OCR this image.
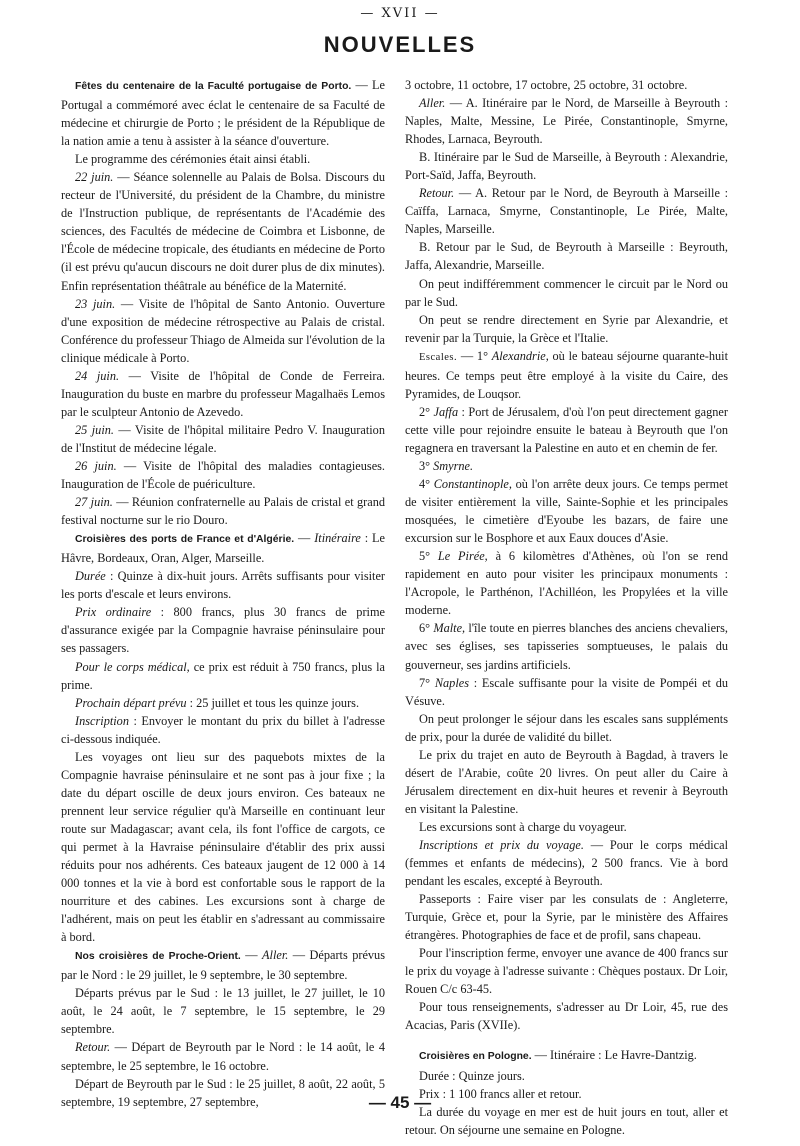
— XVII —
NOUVELLES

Fêtes du centenaire de la Faculté portugaise de Porto. — Le Portugal a commémoré avec éclat le centenaire de sa Faculté de médecine et chirurgie de Porto ; le président de la République de la nation amie a tenu à assister à la séance d'ouverture.

Le programme des cérémonies était ainsi établi.

22 juin. — Séance solennelle au Palais de Bolsa. Discours du recteur de l'Université, du président de la Chambre, du ministre de l'Instruction publique, de représentants de l'Académie des sciences, des Facultés de médecine de Coimbra et Lisbonne, de l'École de médecine tropicale, des étudiants en médecine de Porto (il est prévu qu'aucun discours ne doit durer plus de dix minutes). Enfin représentation théâtrale au bénéfice de la Maternité.

23 juin. — Visite de l'hôpital de Santo Antonio. Ouverture d'une exposition de médecine rétrospective au Palais de cristal. Conférence du professeur Thiago de Almeida sur l'évolution de la clinique médicale à Porto.

24 juin. — Visite de l'hôpital de Conde de Ferreira. Inauguration du buste en marbre du professeur Magalhaës Lemos par le sculpteur Antonio de Azevedo.

25 juin. — Visite de l'hôpital militaire Pedro V. Inauguration de l'Institut de médecine légale.

26 juin. — Visite de l'hôpital des maladies contagieuses. Inauguration de l'École de puériculture.

27 juin. — Réunion confraternelle au Palais de cristal et grand festival nocturne sur le rio Douro.

Croisières des ports de France et d'Algérie. — Itinéraire : Le Hâvre, Bordeaux, Oran, Alger, Marseille.

Durée : Quinze à dix-huit jours. Arrêts suffisants pour visiter les ports d'escale et leurs environs.

Prix ordinaire : 800 francs, plus 30 francs de prime d'assurance exigée par la Compagnie havraise péninsulaire pour ses passagers.

Pour le corps médical, ce prix est réduit à 750 francs, plus la prime.

Prochain départ prévu : 25 juillet et tous les quinze jours.

Inscription : Envoyer le montant du prix du billet à l'adresse ci-dessous indiquée.

Les voyages ont lieu sur des paquebots mixtes de la Compagnie havraise péninsulaire et ne sont pas à jour fixe ; la date du départ oscille de deux jours environ. Ces bateaux ne prennent leur service régulier qu'à Marseille en continuant leur route sur Madagascar; avant cela, ils font l'office de cargots, ce qui permet à la Havraise péninsulaire d'établir des prix aussi réduits pour nos adhérents. Ces bateaux jaugent de 12 000 à 14 000 tonnes et la vie à bord est confortable sous le rapport de la nourriture et des cabines. Les excursions sont à charge de l'adhérent, mais on peut les établir en s'adressant au commissaire à bord.

Nos croisières de Proche-Orient. — Aller. — Départs prévus par le Nord : le 29 juillet, le 9 septembre, le 30 septembre.

Départs prévus par le Sud : le 13 juillet, le 27 juillet, le 10 août, le 24 août, le 7 septembre, le 15 septembre, le 29 septembre.

Retour. — Départ de Beyrouth par le Nord : le 14 août, le 4 septembre, le 25 septembre, le 16 octobre.

Départ de Beyrouth par le Sud : le 25 juillet, 8 août, 22 août, 5 septembre, 19 septembre, 27 septembre,

3 octobre, 11 octobre, 17 octobre, 25 octobre, 31 octobre.

Aller. — A. Itinéraire par le Nord, de Marseille à Beyrouth : Naples, Malte, Messine, Le Pirée, Constantinople, Smyrne, Rhodes, Larnaca, Beyrouth.

B. Itinéraire par le Sud de Marseille, à Beyrouth : Alexandrie, Port-Saïd, Jaffa, Beyrouth.

Retour. — A. Retour par le Nord, de Beyrouth à Marseille : Caïffa, Larnaca, Smyrne, Constantinople, Le Pirée, Malte, Naples, Marseille.

B. Retour par le Sud, de Beyrouth à Marseille : Beyrouth, Jaffa, Alexandrie, Marseille.

On peut indifféremment commencer le circuit par le Nord ou par le Sud.

On peut se rendre directement en Syrie par Alexandrie, et revenir par la Turquie, la Grèce et l'Italie.

Escales. — 1° Alexandrie, où le bateau séjourne quarante-huit heures. Ce temps peut être employé à la visite du Caire, des Pyramides, de Louqsor.

2° Jaffa : Port de Jérusalem, d'où l'on peut directement gagner cette ville pour rejoindre ensuite le bateau à Beyrouth que l'on regagnera en traversant la Palestine en auto et en chemin de fer.

3° Smyrne.

4° Constantinople, où l'on arrête deux jours. Ce temps permet de visiter entièrement la ville, Sainte-Sophie et les principales mosquées, le cimetière d'Eyoube les bazars, de faire une excursion sur le Bosphore et aux Eaux douces d'Asie.

5° Le Pirée, à 6 kilomètres d'Athènes, où l'on se rend rapidement en auto pour visiter les principaux monuments : l'Acropole, le Parthénon, l'Achilléon, les Propylées et la ville moderne.

6° Malte, l'île toute en pierres blanches des anciens chevaliers, avec ses églises, ses tapisseries somptueuses, le palais du gouverneur, ses jardins artificiels.

7° Naples : Escale suffisante pour la visite de Pompéi et du Vésuve.

On peut prolonger le séjour dans les escales sans suppléments de prix, pour la durée de validité du billet.

Le prix du trajet en auto de Beyrouth à Bagdad, à travers le désert de l'Arabie, coûte 20 livres. On peut aller du Caire à Jérusalem directement en dix-huit heures et revenir à Beyrouth en visitant la Palestine.

Les excursions sont à charge du voyageur.

Inscriptions et prix du voyage. — Pour le corps médical (femmes et enfants de médecins), 2 500 francs. Vie à bord pendant les escales, excepté à Beyrouth.

Passeports : Faire viser par les consulats de : Angleterre, Turquie, Grèce et, pour la Syrie, par le ministère des Affaires étrangères. Photographies de face et de profil, sans chapeau.

Pour l'inscription ferme, envoyer une avance de 400 francs sur le prix du voyage à l'adresse suivante : Chèques postaux. Dr Loir, Rouen C/c 63-45.

Pour tous renseignements, s'adresser au Dr Loir, 45, rue des Acacias, Paris (XVIIe).

Croisières en Pologne. — Itinéraire : Le Havre-Dantzig.

Durée : Quinze jours.

Prix : 1 100 francs aller et retour.

La durée du voyage en mer est de huit jours en tout, aller et retour. On séjourne une semaine en Pologne.

— 45 —
